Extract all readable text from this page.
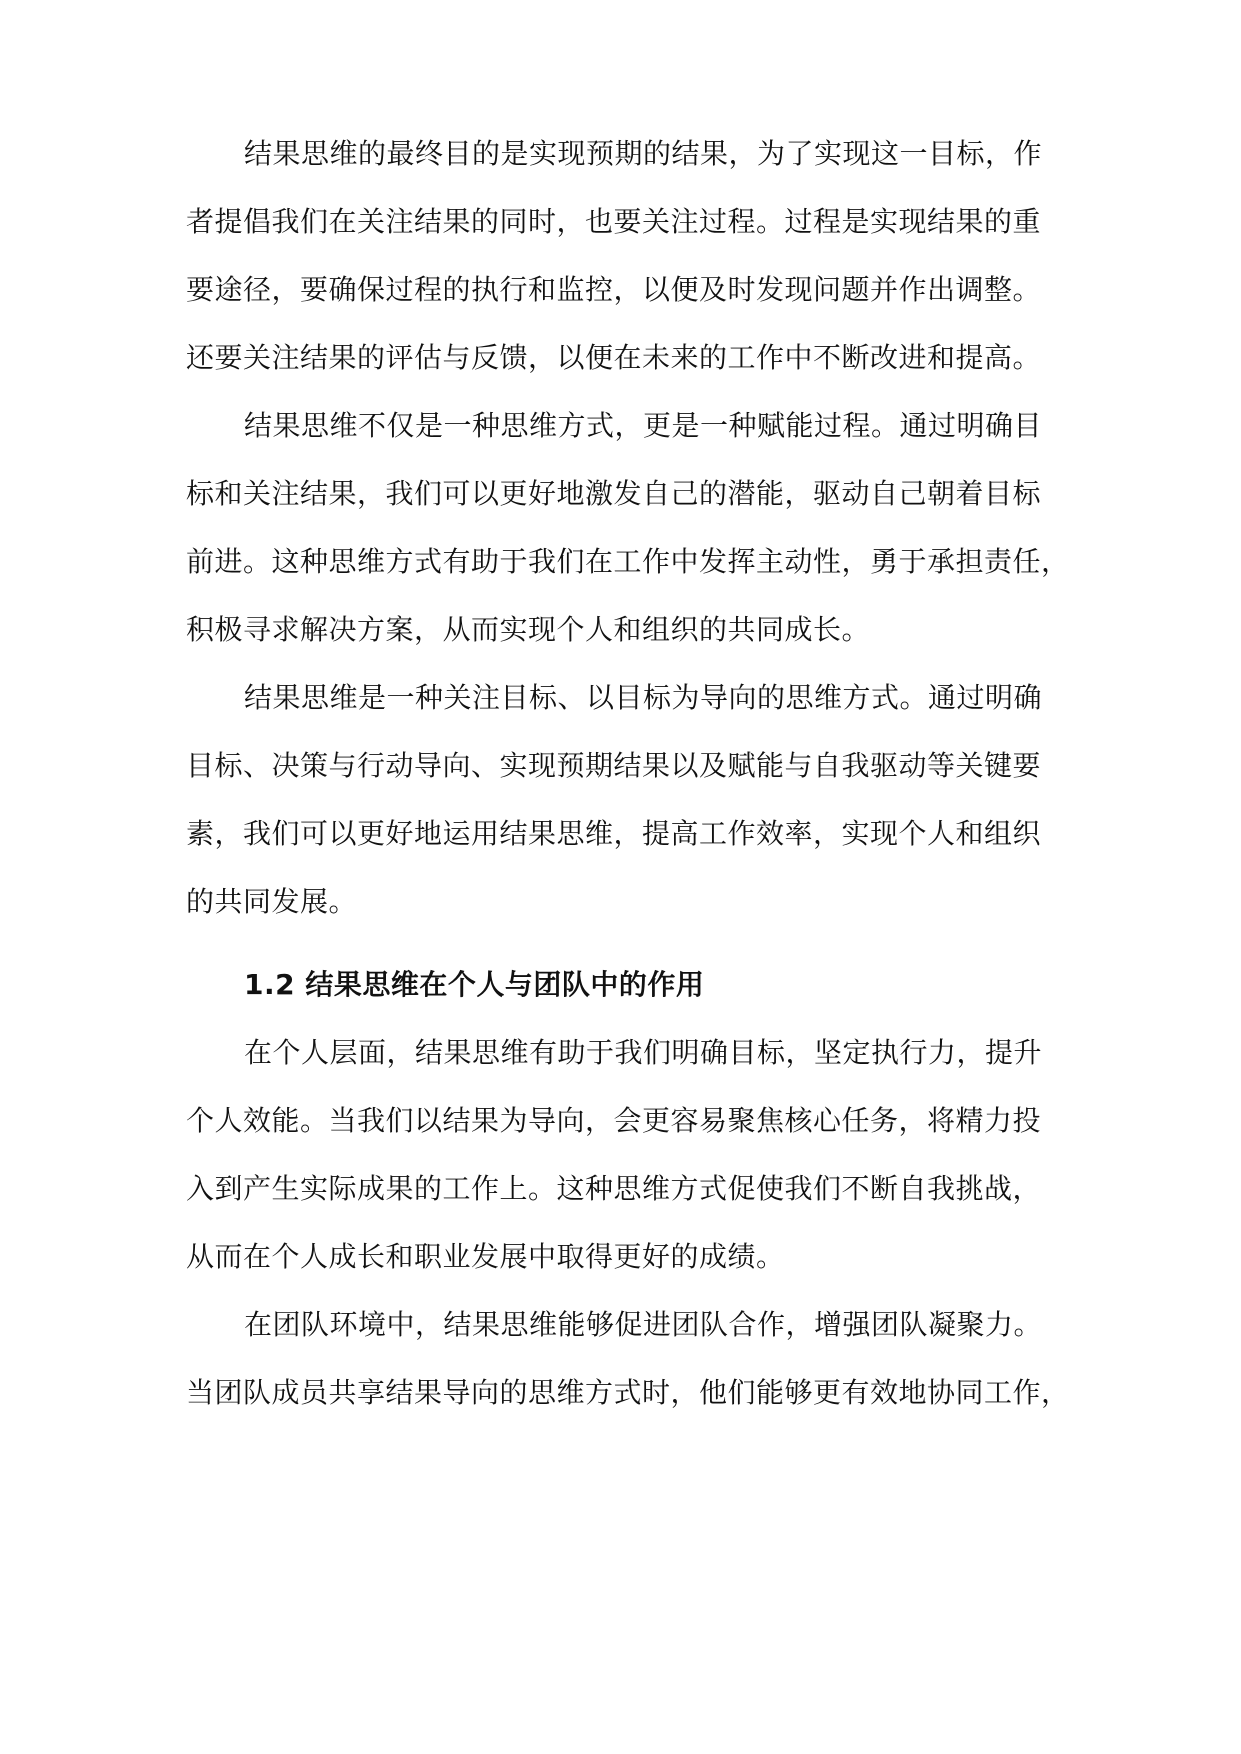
结果思维的最终目的是实现预期的结果，为了实现这一目标，作
者提倡我们在关注结果的同时，也要关注过程。过程是实现结果的重
要途径，要确保过程的执行和监控，以便及时发现问题并作出调整。
还要关注结果的评估与反馈，以便在未来的工作中不断改进和提高。
结果思维不仅是一种思维方式，更是一种赋能过程。通过明确目
标和关注结果，我们可以更好地激发自己的潜能，驱动自己朝着目标
前进。这种思维方式有助于我们在工作中发挥主动性，勇于承担责任，
积极寻求解决方案，从而实现个人和组织的共同成长。
结果思维是一种关注目标、以目标为导向的思维方式。通过明确
目标、决策与行动导向、实现预期结果以及赋能与自我驱动等关键要
素，我们可以更好地运用结果思维，提高工作效率，实现个人和组织
的共同发展。
1.2 结果思维在个人与团队中的作用
在个人层面，结果思维有助于我们明确目标，坚定执行力，提升
个人效能。当我们以结果为导向，会更容易聚焦核心任务，将精力投
入到产生实际成果的工作上。这种思维方式促使我们不断自我挑战，
从而在个人成长和职业发展中取得更好的成绩。
在团队环境中，结果思维能够促进团队合作，增强团队凝聚力。
当团队成员共享结果导向的思维方式时，他们能够更有效地协同工作，
